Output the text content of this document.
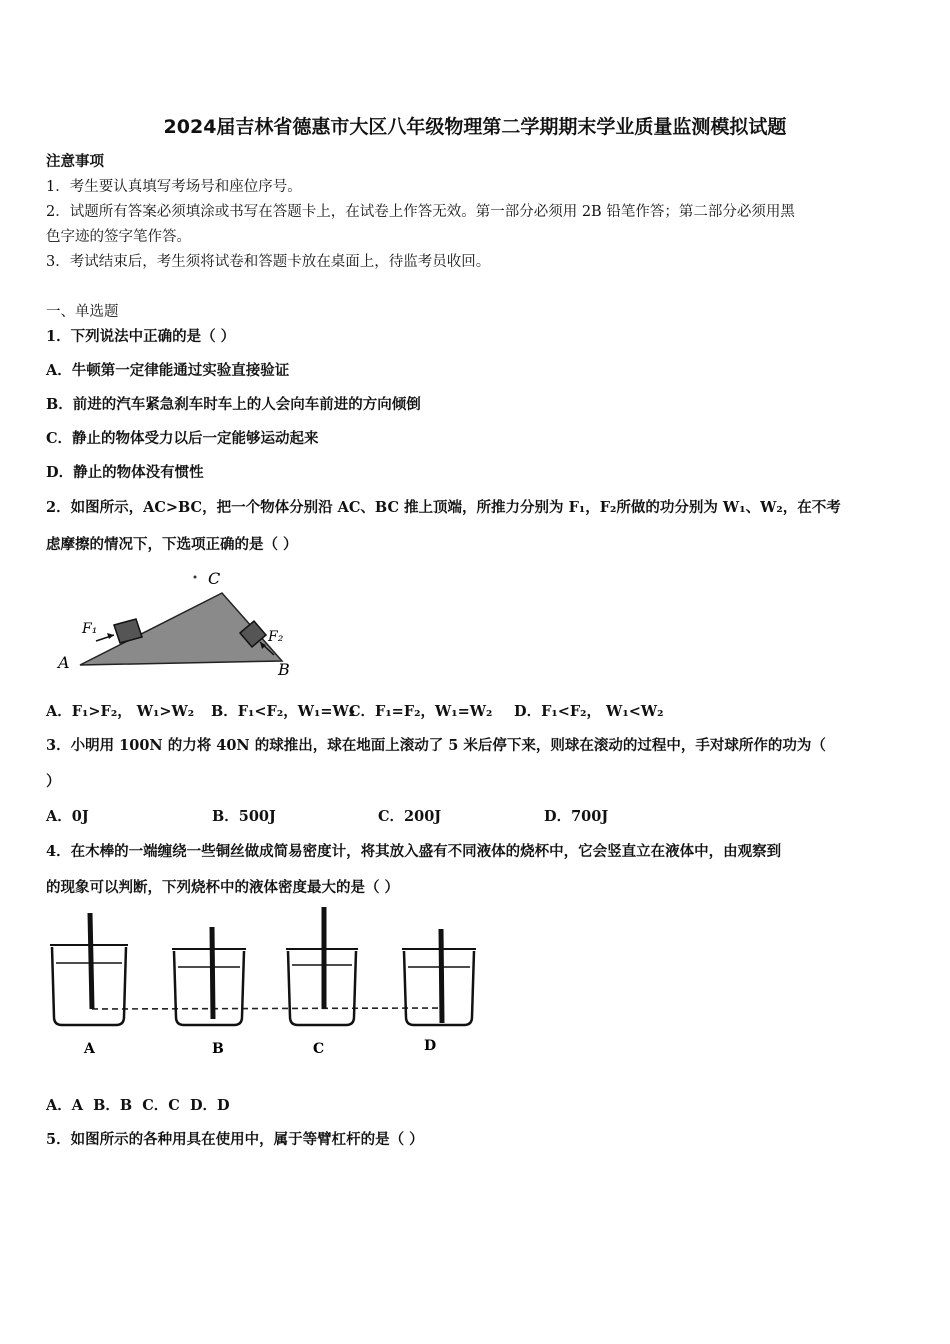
2024届吉林省德惠市大区八年级物理第二学期期末学业质量监测模拟试题
注意事项
1．考生要认真填写考场号和座位序号。
2．试题所有答案必须填涂或书写在答题卡上，在试卷上作答无效。第一部分必须用 2B 铅笔作答；第二部分必须用黑
色字迹的签字笔作答。
3．考试结束后，考生须将试卷和答题卡放在桌面上，待监考员收回。
一、单选题
1．下列说法中正确的是（ ）
A．牛顿第一定律能通过实验直接验证
B．前进的汽车紧急刹车时车上的人会向车前进的方向倾倒
C．静止的物体受力以后一定能够运动起来
D．静止的物体没有惯性
2．如图所示，AC>BC，把一个物体分别沿 AC、BC 推上顶端，所推力分别为 F₁，F₂所做的功分别为 W₁、W₂，在不考
虑摩擦的情况下，下选项正确的是（ ）
C
A	B
F₁	F₂
A．F₁>F₂， W₁>W₂ B．F₁<F₂，W₁=W₂C．F₁=F₂，W₁=W₂ D．F₁<F₂， W₁<W₂
3．小明用 100N 的力将 40N 的球推出，球在地面上滚动了 5 米后停下来，则球在滚动的过程中，手对球所作的功为（
）
A．0J	B．500J	C．200J	D．700J
4．在木棒的一端缠绕一些铜丝做成简易密度计，将其放入盛有不同液体的烧杯中，它会竖直立在液体中，由观察到
的现象可以判断，下列烧杯中的液体密度最大的是（ ）
A	B	C	D
A．A B．B C．C D．D
5．如图所示的各种用具在使用中，属于等臂杠杆的是（ ）
